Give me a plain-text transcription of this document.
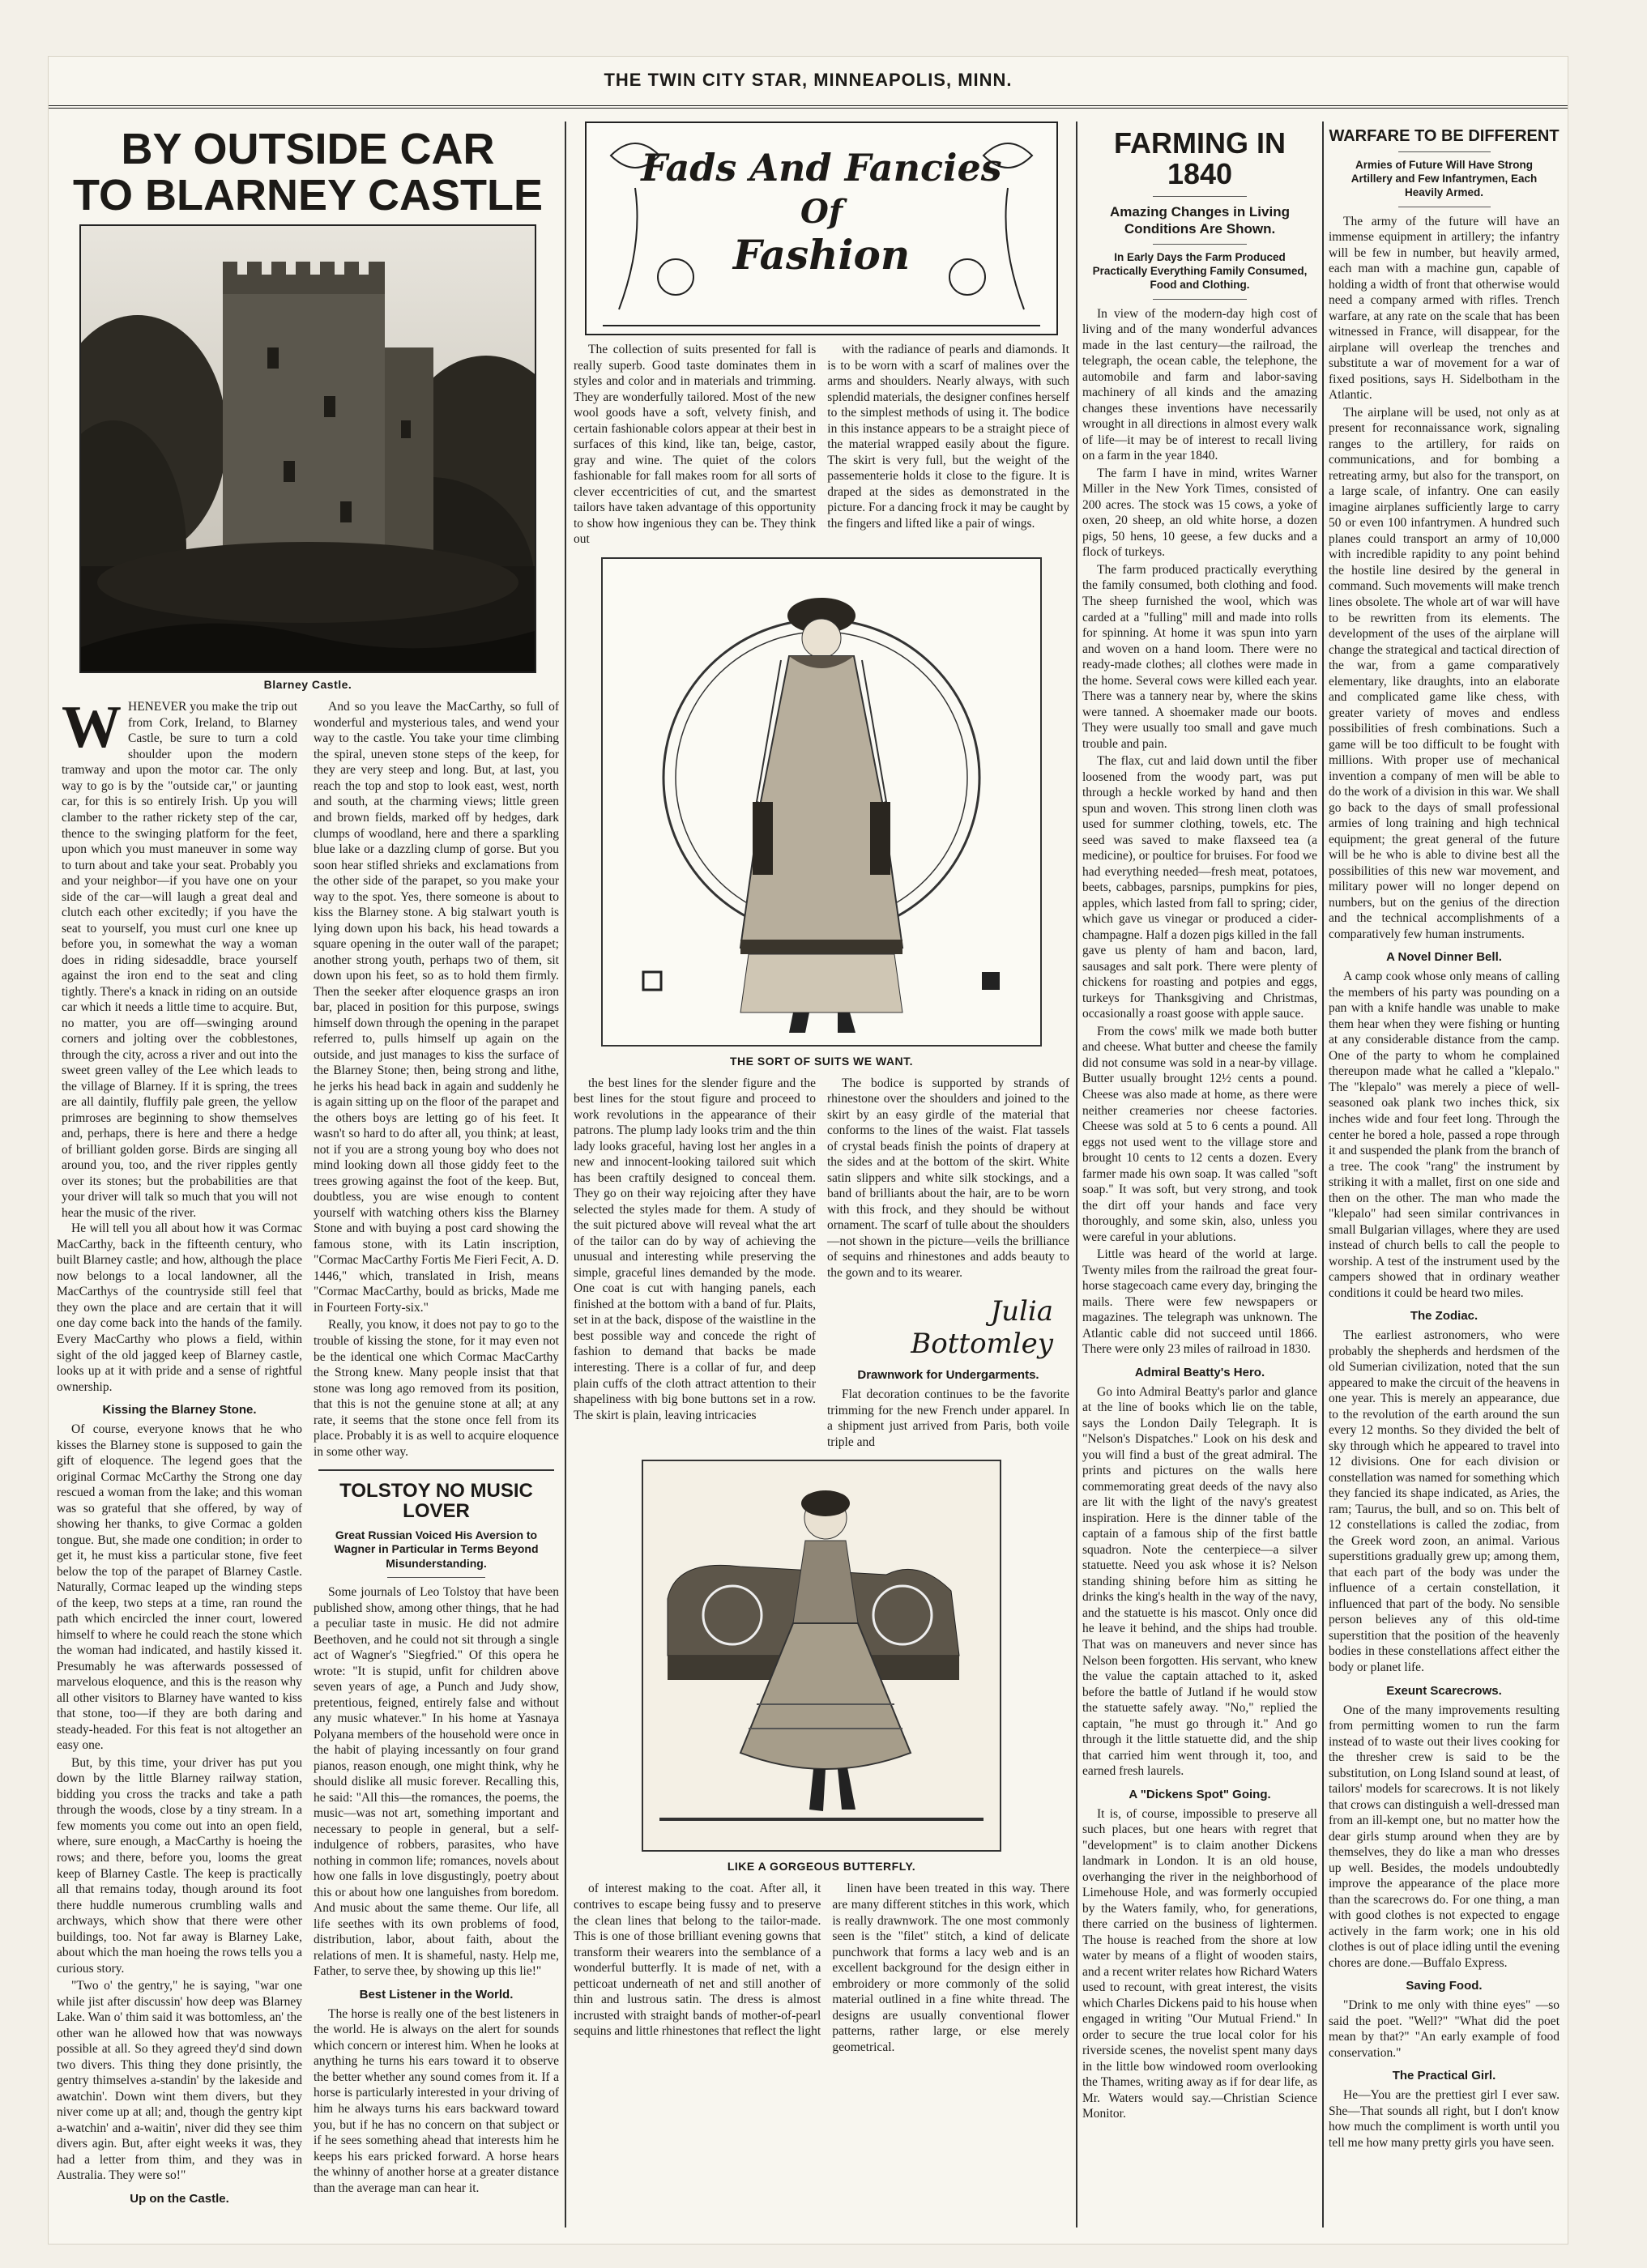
THE TWIN CITY STAR, MINNEAPOLIS, MINN.
BY OUTSIDE CAR
TO BLARNEY CASTLE
Blarney Castle.
WHENEVER you make the trip out from Cork, Ireland, to Blarney Castle, be sure to turn a cold shoulder upon the modern tramway and upon the motor car. The only way to go is by the "outside car," or jaunting car, for this is so entirely Irish. Up you will clamber to the rather rickety step of the car, thence to the swinging platform for the feet, upon which you must maneuver in some way to turn about and take your seat. Probably you and your neighbor—if you have one on your side of the car—will laugh a great deal and clutch each other excitedly; if you have the seat to yourself, you must curl one knee up before you, in somewhat the way a woman does in riding sidesaddle, brace yourself against the iron end to the seat and cling tightly. There's a knack in riding on an outside car which it needs a little time to acquire. But, no matter, you are off—swinging around corners and jolting over the cobblestones, through the city, across a river and out into the sweet green valley of the Lee which leads to the village of Blarney. If it is spring, the trees are all daintily, fluffily pale green, the yellow primroses are beginning to show themselves and, perhaps, there is here and there a hedge of brilliant golden gorse. Birds are singing all around you, too, and the river ripples gently over its stones; but the probabilities are that your driver will talk so much that you will not hear the music of the river.

He will tell you all about how it was Cormac MacCarthy, back in the fifteenth century, who built Blarney castle; and how, although the place now belongs to a local landowner, all the MacCarthys of the countryside still feel that they own the place and are certain that it will one day come back into the hands of the family. Every MacCarthy who plows a field, within sight of the old jagged keep of Blarney castle, looks up at it with pride and a sense of rightful ownership.

Kissing the Blarney Stone.

Of course, everyone knows that he who kisses the Blarney stone is supposed to gain the gift of eloquence. The legend goes that the original Cormac McCarthy the Strong one day rescued a woman from the lake; and this woman was so grateful that she offered, by way of showing her thanks, to give Cormac a golden tongue. But, she made one condition; in order to get it, he must kiss a particular stone, five feet below the top of the parapet of Blarney Castle. Naturally, Cormac leaped up the winding steps of the keep, two steps at a time, ran round the path which encircled the inner court, lowered himself to where he could reach the stone which the woman had indicated, and hastily kissed it. Presumably he was afterwards possessed of marvelous eloquence, and this is the reason why all other visitors to Blarney have wanted to kiss that stone, too—if they are both daring and steady-headed. For this feat is not altogether an easy one.

But, by this time, your driver has put you down by the little Blarney railway station, bidding you cross the tracks and take a path through the woods, close by a tiny stream. In a few moments you come out into an open field, where, sure enough, a MacCarthy is hoeing the rows; and there, before you, looms the great keep of Blarney Castle. The keep is practically all that remains today, though around its foot there huddle numerous crumbling walls and archways, which show that there were other buildings, too. Not far away is Blarney Lake, about which the man hoeing the rows tells you a curious story.

"Two o' the gentry," he is saying, "war one while jist after discussin' how deep was Blarney Lake. Wan o' thim said it was bottomless, an' the other wan he allowed how that was nowways possible at all. So they agreed they'd sind down two divers. This thing they done prisintly, the gentry thimselves a-standin' by the lakeside and awatchin'. Down wint them divers, but they niver come up at all; and, though the gentry kipt a-watchin' and a-waitin', niver did they see thim divers agin. But, after eight weeks it was, they had a letter from thim, and they was in Australia. They were so!"

Up on the Castle.

And so you leave the MacCarthy, so full of wonderful and mysterious tales, and wend your way to the castle. You take your time climbing the spiral, uneven stone steps of the keep, for they are very steep and long. But, at last, you reach the top and stop to look east, west, north and south, at the charming views; little green and brown fields, marked off by hedges, dark clumps of woodland, here and there a sparkling blue lake or a dazzling clump of gorse. But you soon hear stifled shrieks and exclamations from the other side of the parapet, so you make your way to the spot. Yes, there someone is about to kiss the Blarney stone. A big stalwart youth is lying down upon his back, his head towards a square opening in the outer wall of the parapet; another strong youth, perhaps two of them, sit down upon his feet, so as to hold them firmly. Then the seeker after eloquence grasps an iron bar, placed in position for this purpose, swings himself down through the opening in the parapet referred to, pulls himself up again on the outside, and just manages to kiss the surface of the Blarney Stone; then, being strong and lithe, he jerks his head back in again and suddenly he is again sitting up on the floor of the parapet and the others boys are letting go of his feet. It wasn't so hard to do after all, you think; at least, not if you are a strong young boy who does not mind looking down all those giddy feet to the trees growing against the foot of the keep. But, doubtless, you are wise enough to content yourself with watching others kiss the Blarney Stone and with buying a post card showing the famous stone, with its Latin inscription, "Cormac MacCarthy Fortis Me Fieri Fecit, A. D. 1446," which, translated in Irish, means "Cormac MacCarthy, bould as bricks, Made me in Fourteen Forty-six."

Really, you know, it does not pay to go to the trouble of kissing the stone, for it may even not be the identical one which Cormac MacCarthy the Strong knew. Many people insist that that stone was long ago removed from its position, that this is not the genuine stone at all; at any rate, it seems that the stone once fell from its place. Probably it is as well to acquire eloquence in some other way.

TOLSTOY NO MUSIC LOVER
Great Russian Voiced His Aversion to Wagner in Particular in Terms Beyond Misunderstanding.

Some journals of Leo Tolstoy that have been published show, among other things, that he had a peculiar taste in music. He did not admire Beethoven, and he could not sit through a single act of Wagner's "Siegfried." Of this opera he wrote: "It is stupid, unfit for children above seven years of age, a Punch and Judy show, pretentious, feigned, entirely false and without any music whatever." In his home at Yasnaya Polyana members of the household were once in the habit of playing incessantly on four grand pianos, reason enough, one might think, why he should dislike all music forever. Recalling this, he said: "All this—the romances, the poems, the music—was not art, something important and necessary to people in general, but a self-indulgence of robbers, parasites, who have nothing in common life; romances, novels about how one falls in love disgustingly, poetry about this or about how one languishes from boredom. And music about the same theme. Our life, all life seethes with its own problems of food, distribution, labor, about faith, about the relations of men. It is shameful, nasty. Help me, Father, to serve thee, by showing up this lie!"

Best Listener in the World.

The horse is really one of the best listeners in the world. He is always on the alert for sounds which concern or interest him. When he looks at anything he turns his ears toward it to observe the better whether any sound comes from it. If a horse is particularly interested in your driving of him he always turns his ears backward toward you, but if he has no concern on that subject or if he sees something ahead that interests him he keeps his ears pricked forward. A horse hears the whinny of another horse at a greater distance than the average man can hear it.

Fads And Fancies
Of
Fashion

The collection of suits presented for fall is really superb. Good taste dominates them in styles and color and in materials and trimming. They are wonderfully tailored. Most of the new wool goods have a soft, velvety finish, and certain fashionable colors appear at their best in surfaces of this kind, like tan, beige, castor, gray and wine. The quiet of the colors fashionable for fall makes room for all sorts of clever eccentricities of cut, and the smartest tailors have taken advantage of this opportunity to show how ingenious they can be. They think out

with the radiance of pearls and diamonds. It is to be worn with a scarf of malines over the arms and shoulders. Nearly always, with such splendid materials, the designer confines herself to the simplest methods of using it. The bodice in this instance appears to be a straight piece of the material wrapped easily about the figure. The skirt is very full, but the weight of the passementerie holds it close to the figure. It is draped at the sides as demonstrated in the picture. For a dancing frock it may be caught by the fingers and lifted like a pair of wings.

THE SORT OF SUITS WE WANT.

the best lines for the slender figure and the best lines for the stout figure and proceed to work revolutions in the appearance of their patrons. The plump lady looks trim and the thin lady looks graceful, having lost her angles in a new and innocent-looking tailored suit which has been craftily designed to conceal them. They go on their way rejoicing after they have selected the styles made for them. A study of the suit pictured above will reveal what the art of the tailor can do by way of achieving the unusual and interesting while preserving the simple, graceful lines demanded by the mode. One coat is cut with hanging panels, each finished at the bottom with a band of fur. Plaits, set in at the back, dispose of the waistline in the best possible way and concede the right of fashion to demand that backs be made interesting. There is a collar of fur, and deep plain cuffs of the cloth attract attention to their shapeliness with big bone buttons set in a row. The skirt is plain, leaving intricacies

The bodice is supported by strands of rhinestone over the shoulders and joined to the skirt by an easy girdle of the material that conforms to the lines of the waist. Flat tassels of crystal beads finish the points of drapery at the sides and at the bottom of the skirt. White satin slippers and white silk stockings, and a band of brilliants about the hair, are to be worn with this frock, and they should be without ornament. The scarf of tulle about the shoulders—not shown in the picture—veils the brilliance of sequins and rhinestones and adds beauty to the gown and to its wearer.

Julia Bottomley
Drawnwork for Undergarments.

Flat decoration continues to be the favorite trimming for the new French under apparel. In a shipment just arrived from Paris, both voile triple and

LIKE A GORGEOUS BUTTERFLY.

of interest making to the coat. After all, it contrives to escape being fussy and to preserve the clean lines that belong to the tailor-made. This is one of those brilliant evening gowns that transform their wearers into the semblance of a wonderful butterfly. It is made of net, with a petticoat underneath of net and still another of thin and lustrous satin. The dress is almost incrusted with straight bands of mother-of-pearl sequins and little rhinestones that reflect the light

linen have been treated in this way. There are many different stitches in this work, which is really drawnwork. The one most commonly seen is the "filet" stitch, a kind of delicate punchwork that forms a lacy web and is an excellent background for the design either in embroidery or more commonly of the solid material outlined in a fine white thread. The designs are usually conventional flower patterns, rather large, or else merely geometrical.

FARMING IN 1840
Amazing Changes in Living Conditions Are Shown.
In Early Days the Farm Produced Practically Everything Family Consumed, Food and Clothing.

In view of the modern-day high cost of living and of the many wonderful advances made in the last century—the railroad, the telegraph, the ocean cable, the telephone, the automobile and farm and labor-saving machinery of all kinds and the amazing changes these inventions have necessarily wrought in all directions in almost every walk of life—it may be of interest to recall living on a farm in the year 1840.

The farm I have in mind, writes Warner Miller in the New York Times, consisted of 200 acres. The stock was 15 cows, a yoke of oxen, 20 sheep, an old white horse, a dozen pigs, 50 hens, 10 geese, a few ducks and a flock of turkeys.

The farm produced practically everything the family consumed, both clothing and food. The sheep furnished the wool, which was carded at a "fulling" mill and made into rolls for spinning. At home it was spun into yarn and woven on a hand loom. There were no ready-made clothes; all clothes were made in the home. Several cows were killed each year. There was a tannery near by, where the skins were tanned. A shoemaker made our boots. They were usually too small and gave much trouble and pain.

The flax, cut and laid down until the fiber loosened from the woody part, was put through a heckle worked by hand and then spun and woven. This strong linen cloth was used for summer clothing, towels, etc. The seed was saved to make flaxseed tea (a medicine), or poultice for bruises. For food we had everything needed—fresh meat, potatoes, beets, cabbages, parsnips, pumpkins for pies, apples, which lasted from fall to spring; cider, which gave us vinegar or produced a cider-champagne. Half a dozen pigs killed in the fall gave us plenty of ham and bacon, lard, sausages and salt pork. There were plenty of chickens for roasting and potpies and eggs, turkeys for Thanksgiving and Christmas, occasionally a roast goose with apple sauce.

From the cows' milk we made both butter and cheese. What butter and cheese the family did not consume was sold in a near-by village. Butter usually brought 12½ cents a pound. Cheese was also made at home, as there were neither creameries nor cheese factories. Cheese was sold at 5 to 6 cents a pound. All eggs not used went to the village store and brought 10 cents to 12 cents a dozen. Every farmer made his own soap. It was called "soft soap." It was soft, but very strong, and took the dirt off your hands and face very thoroughly, and some skin, also, unless you were careful in your ablutions.

Little was heard of the world at large. Twenty miles from the railroad the great four-horse stagecoach came every day, bringing the mails. There were few newspapers or magazines. The telegraph was unknown. The Atlantic cable did not succeed until 1866. There were only 23 miles of railroad in 1830.

Admiral Beatty's Hero.

Go into Admiral Beatty's parlor and glance at the line of books which lie on the table, says the London Daily Telegraph. It is "Nelson's Dispatches." Look on his desk and you will find a bust of the great admiral. The prints and pictures on the walls here commemorating great deeds of the navy also are lit with the light of the navy's greatest inspiration. Here is the dinner table of the captain of a famous ship of the first battle squadron. Note the centerpiece—a silver statuette. Need you ask whose it is? Nelson standing shining before him as sitting he drinks the king's health in the way of the navy, and the statuette is his mascot. Only once did he leave it behind, and the ships had trouble. That was on maneuvers and never since has Nelson been forgotten. His servant, who knew the value the captain attached to it, asked before the battle of Jutland if he would stow the statuette safely away. "No," replied the captain, "he must go through it." And go through it the little statuette did, and the ship that carried him went through it, too, and earned fresh laurels.

A "Dickens Spot" Going.

It is, of course, impossible to preserve all such places, but one hears with regret that "development" is to claim another Dickens landmark in London. It is an old house, overhanging the river in the neighborhood of Limehouse Hole, and was formerly occupied by the Waters family, who, for generations, there carried on the business of lightermen. The house is reached from the shore at low water by means of a flight of wooden stairs, and a recent writer relates how Richard Waters used to recount, with great interest, the visits which Charles Dickens paid to his house when engaged in writing "Our Mutual Friend." In order to secure the true local color for his riverside scenes, the novelist spent many days in the little bow windowed room overlooking the Thames, writing away as if for dear life, as Mr. Waters would say.—Christian Science Monitor.

WARFARE TO BE DIFFERENT
Armies of Future Will Have Strong Artillery and Few Infantrymen, Each Heavily Armed.

The army of the future will have an immense equipment in artillery; the infantry will be few in number, but heavily armed, each man with a machine gun, capable of holding a width of front that otherwise would need a company armed with rifles. Trench warfare, at any rate on the scale that has been witnessed in France, will disappear, for the airplane will overleap the trenches and substitute a war of movement for a war of fixed positions, says H. Sidelbotham in the Atlantic.

The airplane will be used, not only as at present for reconnaissance work, signaling ranges to the artillery, for raids on communications, and for bombing a retreating army, but also for the transport, on a large scale, of infantry. One can easily imagine airplanes sufficiently large to carry 50 or even 100 infantrymen. A hundred such planes could transport an army of 10,000 with incredible rapidity to any point behind the hostile line desired by the general in command. Such movements will make trench lines obsolete. The whole art of war will have to be rewritten from its elements. The development of the uses of the airplane will change the strategical and tactical direction of the war, from a game comparatively elementary, like draughts, into an elaborate and complicated game like chess, with greater variety of moves and endless possibilities of fresh combinations. Such a game will be too difficult to be fought with millions. With proper use of mechanical invention a company of men will be able to do the work of a division in this war. We shall go back to the days of small professional armies of long training and high technical equipment; the great general of the future will be he who is able to divine best all the possibilities of this new war movement, and military power will no longer depend on numbers, but on the genius of the direction and the technical accomplishments of a comparatively few human instruments.

A Novel Dinner Bell.

A camp cook whose only means of calling the members of his party was pounding on a pan with a knife handle was unable to make them hear when they were fishing or hunting at any considerable distance from the camp. One of the party to whom he complained thereupon made what he called a "klepalo." The "klepalo" was merely a piece of well-seasoned oak plank two inches thick, six inches wide and four feet long. Through the center he bored a hole, passed a rope through it and suspended the plank from the branch of a tree. The cook "rang" the instrument by striking it with a mallet, first on one side and then on the other. The man who made the "klepalo" had seen similar contrivances in small Bulgarian villages, where they are used instead of church bells to call the people to worship. A test of the instrument used by the campers showed that in ordinary weather conditions it could be heard two miles.

The Zodiac.

The earliest astronomers, who were probably the shepherds and herdsmen of the old Sumerian civilization, noted that the sun appeared to make the circuit of the heavens in one year. This is merely an appearance, due to the revolution of the earth around the sun every 12 months. So they divided the belt of sky through which he appeared to travel into 12 divisions. One for each division or constellation was named for something which they fancied its shape indicated, as Aries, the ram; Taurus, the bull, and so on. This belt of 12 constellations is called the zodiac, from the Greek word zoon, an animal. Various superstitions gradually grew up; among them, that each part of the body was under the influence of a certain constellation, it influenced that part of the body. No sensible person believes any of this old-time superstition that the position of the heavenly bodies in these constellations affect either the body or planet life.

Exeunt Scarecrows.

One of the many improvements resulting from permitting women to run the farm instead of to waste out their lives cooking for the thresher crew is said to be the substitution, on Long Island sound at least, of tailors' models for scarecrows. It is not likely that crows can distinguish a well-dressed man from an ill-kempt one, but no matter how the dear girls stump around when they are by themselves, they do like a man who dresses up well. Besides, the models undoubtedly improve the appearance of the place more than the scarecrows do. For one thing, a man with good clothes is not expected to engage actively in the farm work; one in his old clothes is out of place idling until the evening chores are done.—Buffalo Express.

Saving Food.

"Drink to me only with thine eyes" —so said the poet. "Well?" "What did the poet mean by that?" "An early example of food conservation."

The Practical Girl.

He—You are the prettiest girl I ever saw. She—That sounds all right, but I don't know how much the compliment is worth until you tell me how many pretty girls you have seen.
